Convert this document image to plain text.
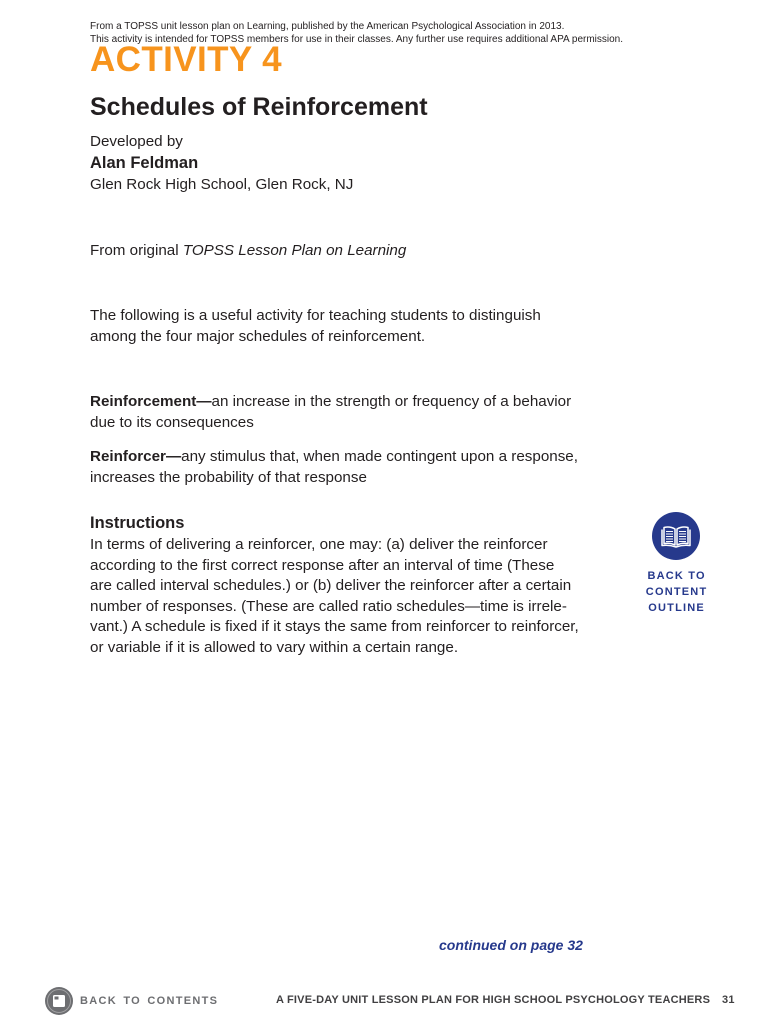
From a TOPSS unit lesson plan on Learning, published by the American Psychological Association in 2013.
This activity is intended for TOPSS members for use in their classes. Any further use requires additional APA permission.
ACTIVITY 4
Schedules of Reinforcement
Developed by
Alan Feldman
Glen Rock High School, Glen Rock, NJ
From original TOPSS Lesson Plan on Learning
The following is a useful activity for teaching students to distinguish
among the four major schedules of reinforcement.
Reinforcement—an increase in the strength or frequency of a behavior
due to its consequences
Reinforcer—any stimulus that, when made contingent upon a response,
increases the probability of that response
Instructions
In terms of delivering a reinforcer, one may: (a) deliver the reinforcer
according to the first correct response after an interval of time (These
are called interval schedules.) or (b) deliver the reinforcer after a certain
number of responses. (These are called ratio schedules—time is irrele-
vant.) A schedule is fixed if it stays the same from reinforcer to reinforcer,
or variable if it is allowed to vary within a certain range.
BACK TO
CONTENT
OUTLINE
continued on page 32
BACK TO CONTENTS	A FIVE-DAY UNIT LESSON PLAN FOR HIGH SCHOOL PSYCHOLOGY TEACHERS 31
